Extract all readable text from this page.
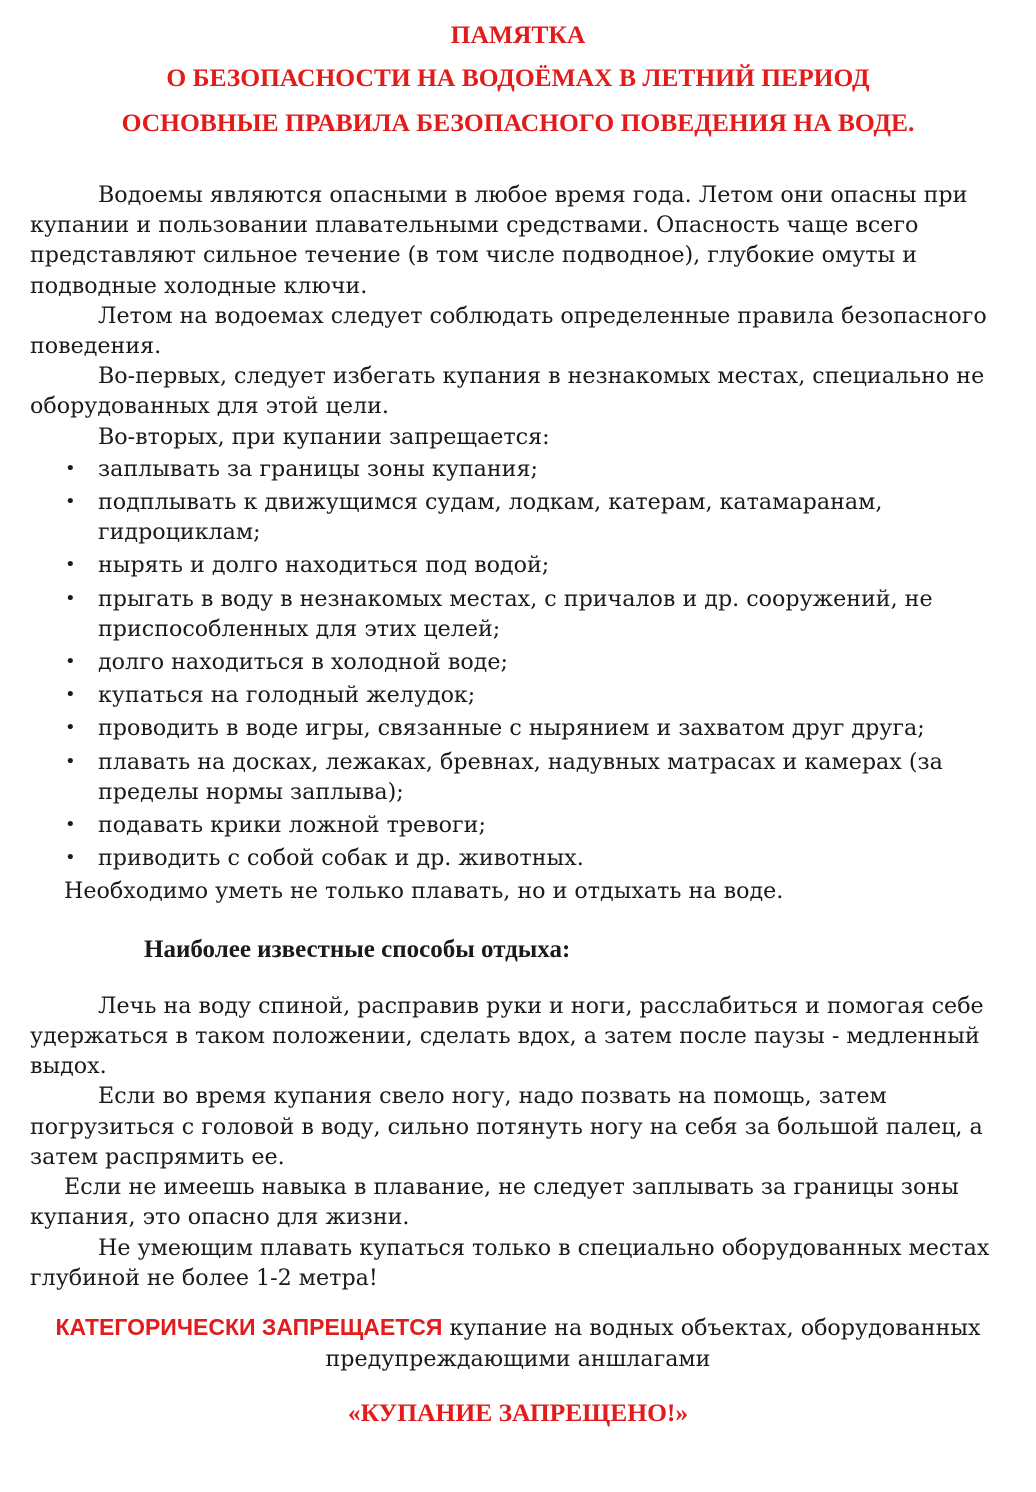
ПАМЯТКА
О БЕЗОПАСНОСТИ НА ВОДОЁМАХ В ЛЕТНИЙ ПЕРИОД
ОСНОВНЫЕ ПРАВИЛА БЕЗОПАСНОГО ПОВЕДЕНИЯ НА ВОДЕ.

Водоемы являются опасными в любое время года. Летом они опасны при купании и пользовании плавательными средствами. Опасность чаще всего представляют сильное течение (в том числе подводное), глубокие омуты и подводные холодные ключи.

Летом на водоемах следует соблюдать определенные правила безопасного поведения.

Во-первых, следует избегать купания в незнакомых местах, специально не оборудованных для этой цели.

Во-вторых, при купании запрещается:

• заплывать за границы зоны купания;
• подплывать к движущимся судам, лодкам, катерам, катамаранам, гидроциклам;
• нырять и долго находиться под водой;
• прыгать в воду в незнакомых местах, с причалов и др. сооружений, не приспособленных для этих целей;
• долго находиться в холодной воде;
• купаться на голодный желудок;
• проводить в воде игры, связанные с нырянием и захватом друг друга;
• плавать на досках, лежаках, бревнах, надувных матрасах и камерах (за пределы нормы заплыва);
• подавать крики ложной тревоги;
• приводить с собой собак и др. животных.

Необходимо уметь не только плавать, но и отдыхать на воде.

Наиболее известные способы отдыха:

Лечь на воду спиной, расправив руки и ноги, расслабиться и помогая себе удержаться в таком положении, сделать вдох, а затем после паузы - медленный выдох.

Если во время купания свело ногу, надо позвать на помощь, затем погрузиться с головой в воду, сильно потянуть ногу на себя за большой палец, а затем распрямить ее.

Если не имеешь навыка в плавание, не следует заплывать за границы зоны купания, это опасно для жизни.

Не умеющим плавать купаться только в специально оборудованных местах глубиной не более 1-2 метра!

КАТЕГОРИЧЕСКИ ЗАПРЕЩАЕТСЯ купание на водных объектах, оборудованных предупреждающими аншлагами
«КУПАНИЕ ЗАПРЕЩЕНО!»
